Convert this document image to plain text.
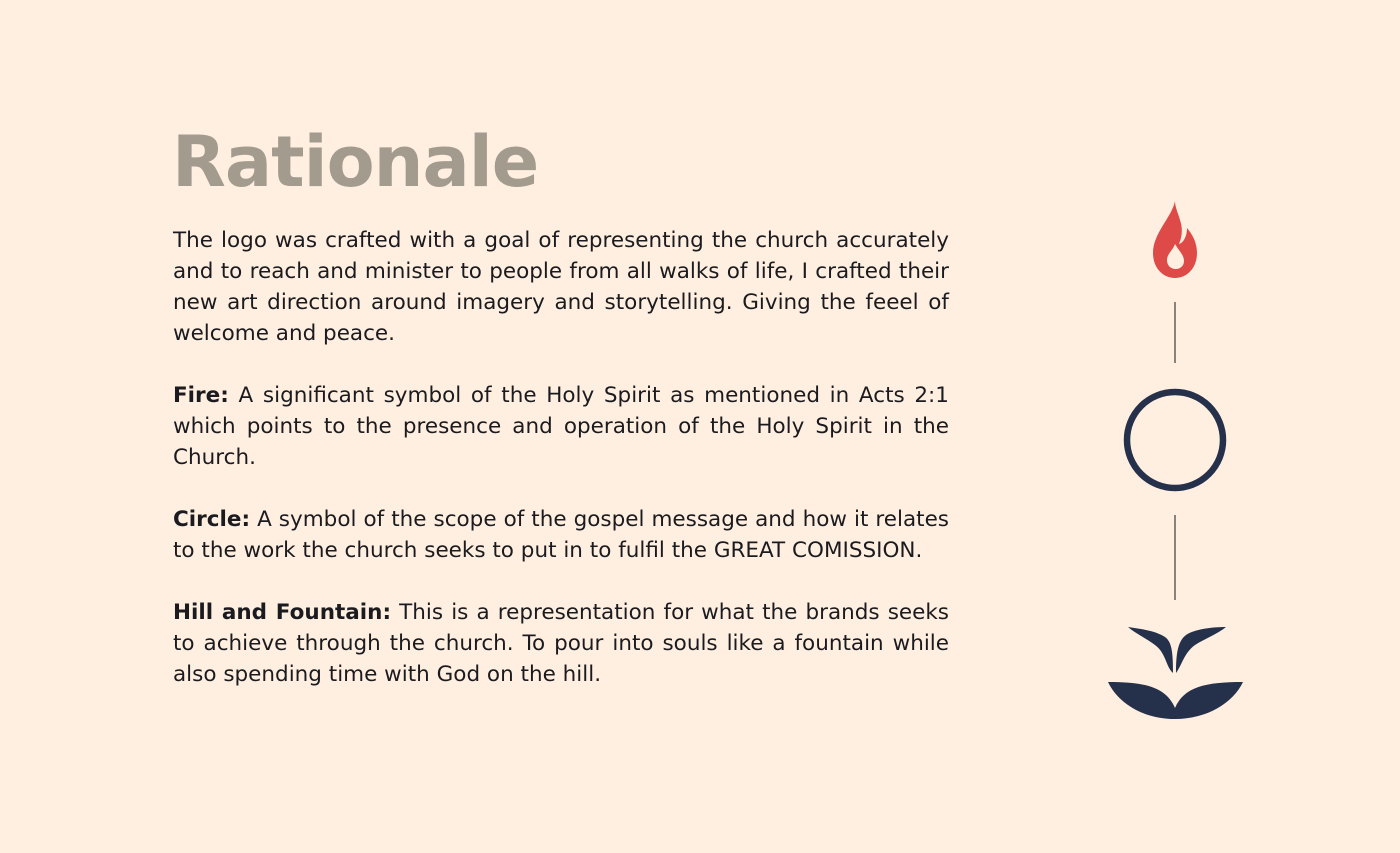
Rationale

The logo was crafted with a goal of representing the church accurately and to reach and minister to people from all walks of life, I crafted their new art direction around imagery and storytelling. Giving the feeel of welcome and peace.

Fire: A significant symbol of the Holy Spirit as mentioned in Acts 2:1 which points to the presence and operation of the Holy Spirit in the Church.

Circle: A symbol of the scope of the gospel message and how it relates to the work the church seeks to put in to fulfil the GREAT COMISSION.

Hill and Fountain: This is a representation for what the brands seeks to achieve through the church. To pour into souls like a fountain while also spending time with God on the hill.
